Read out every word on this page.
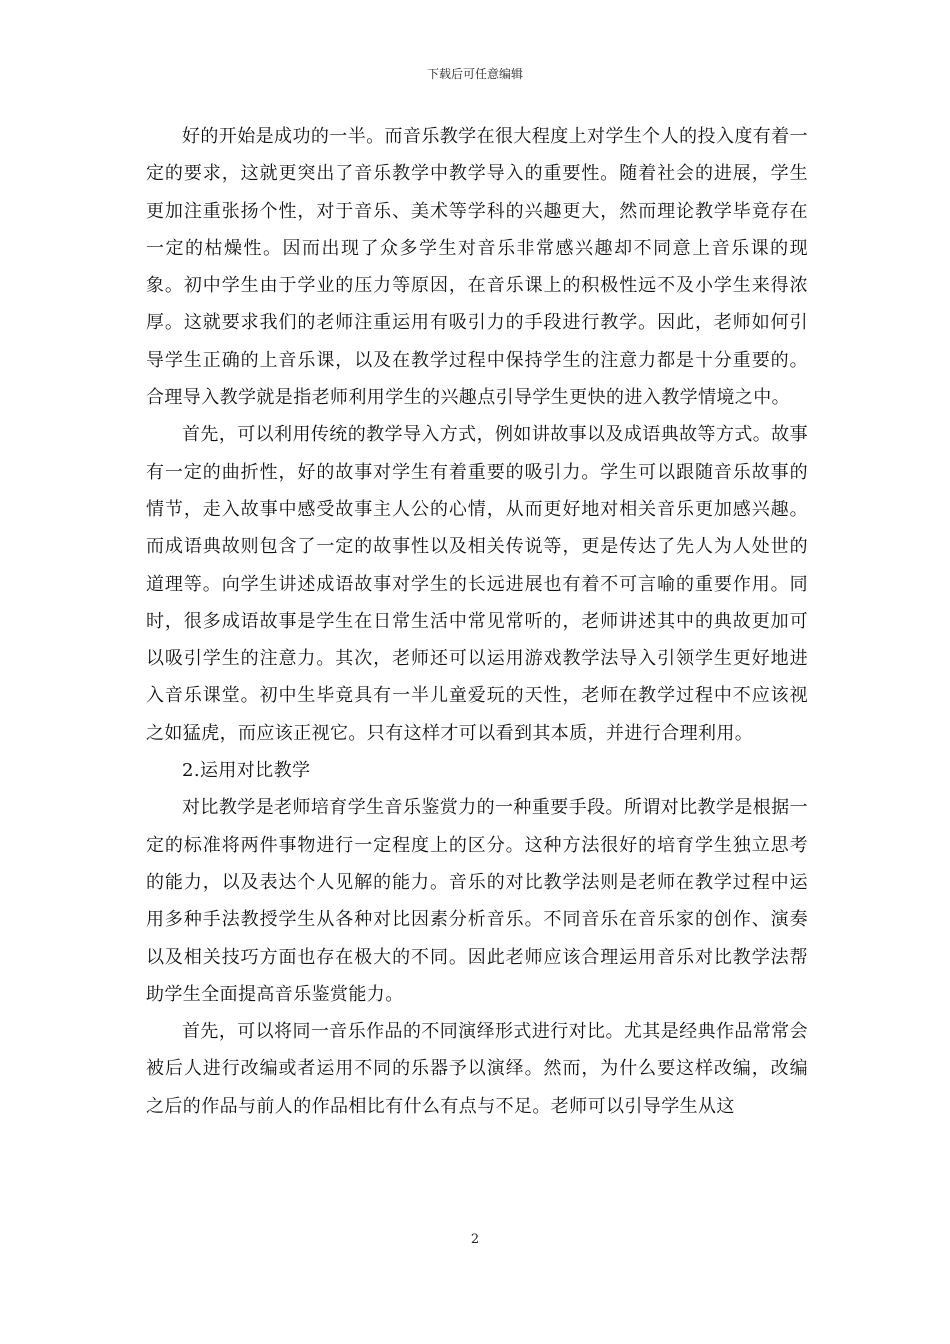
下载后可任意编辑

好的开始是成功的一半。而音乐教学在很大程度上对学生个人的投入度有着一定的要求，这就更突出了音乐教学中教学导入的重要性。随着社会的进展，学生更加注重张扬个性，对于音乐、美术等学科的兴趣更大，然而理论教学毕竟存在一定的枯燥性。因而出现了众多学生对音乐非常感兴趣却不同意上音乐课的现象。初中学生由于学业的压力等原因，在音乐课上的积极性远不及小学生来得浓厚。这就要求我们的老师注重运用有吸引力的手段进行教学。因此，老师如何引导学生正确的上音乐课，以及在教学过程中保持学生的注意力都是十分重要的。合理导入教学就是指老师利用学生的兴趣点引导学生更快的进入教学情境之中。

首先，可以利用传统的教学导入方式，例如讲故事以及成语典故等方式。故事有一定的曲折性，好的故事对学生有着重要的吸引力。学生可以跟随音乐故事的情节，走入故事中感受故事主人公的心情，从而更好地对相关音乐更加感兴趣。而成语典故则包含了一定的故事性以及相关传说等，更是传达了先人为人处世的道理等。向学生讲述成语故事对学生的长远进展也有着不可言喻的重要作用。同时，很多成语故事是学生在日常生活中常见常听的，老师讲述其中的典故更加可以吸引学生的注意力。其次，老师还可以运用游戏教学法导入引领学生更好地进入音乐课堂。初中生毕竟具有一半儿童爱玩的天性，老师在教学过程中不应该视之如猛虎，而应该正视它。只有这样才可以看到其本质，并进行合理利用。

2.运用对比教学

对比教学是老师培育学生音乐鉴赏力的一种重要手段。所谓对比教学是根据一定的标准将两件事物进行一定程度上的区分。这种方法很好的培育学生独立思考的能力，以及表达个人见解的能力。音乐的对比教学法则是老师在教学过程中运用多种手法教授学生从各种对比因素分析音乐。不同音乐在音乐家的创作、演奏以及相关技巧方面也存在极大的不同。因此老师应该合理运用音乐对比教学法帮助学生全面提高音乐鉴赏能力。

首先，可以将同一音乐作品的不同演绎形式进行对比。尤其是经典作品常常会被后人进行改编或者运用不同的乐器予以演绎。然而，为什么要这样改编，改编之后的作品与前人的作品相比有什么有点与不足。老师可以引导学生从这

2
